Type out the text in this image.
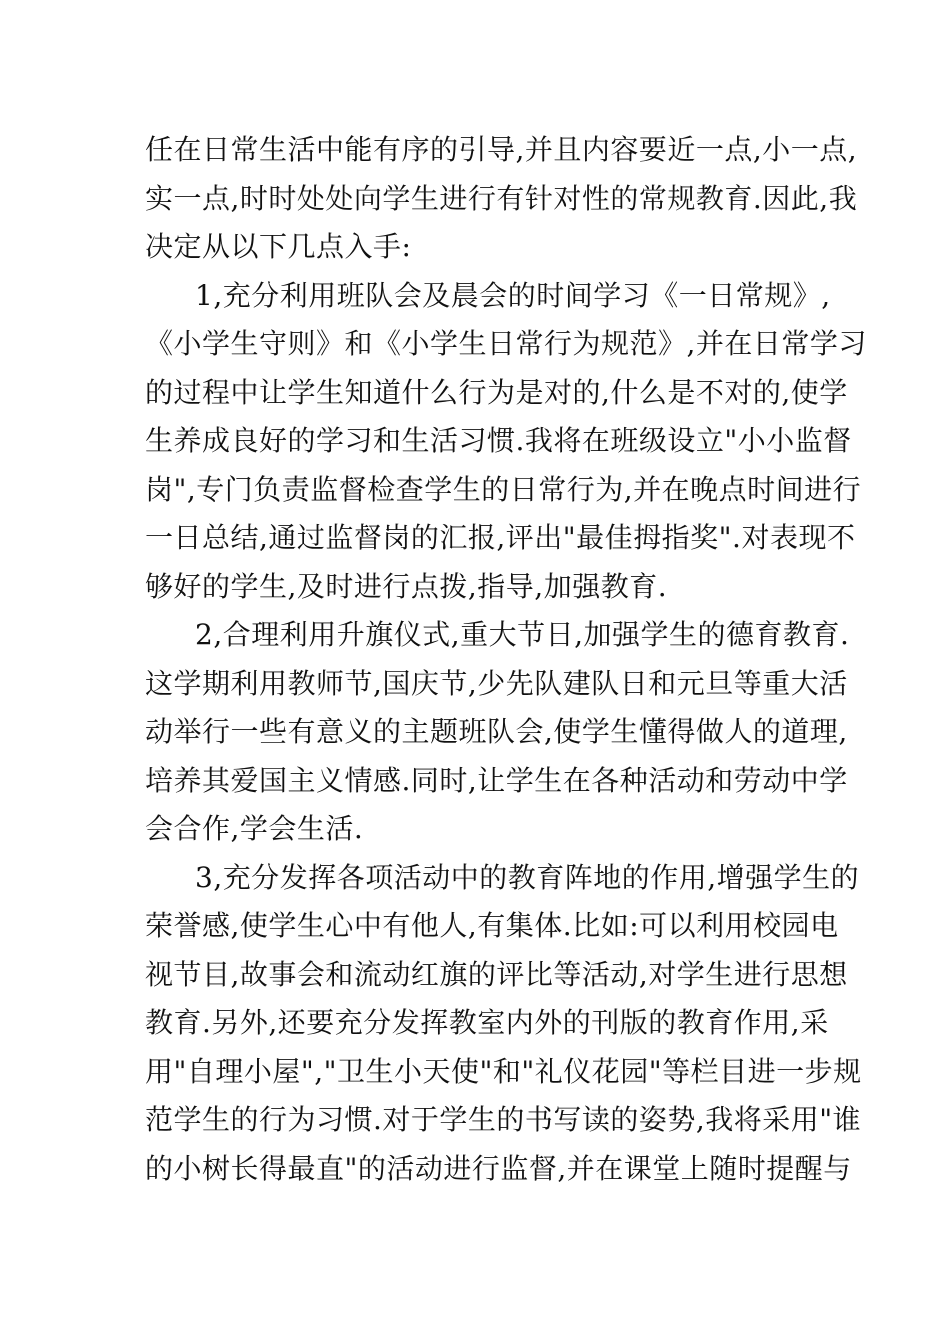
任在日常生活中能有序的引导,并且内容要近一点,小一点,
实一点,时时处处向学生进行有针对性的常规教育.因此,我
决定从以下几点入手:
1,充分利用班队会及晨会的时间学习《一日常规》,
《小学生守则》和《小学生日常行为规范》,并在日常学习
的过程中让学生知道什么行为是对的,什么是不对的,使学
生养成良好的学习和生活习惯.我将在班级设立"小小监督
岗",专门负责监督检查学生的日常行为,并在晚点时间进行
一日总结,通过监督岗的汇报,评出"最佳拇指奖".对表现不
够好的学生,及时进行点拨,指导,加强教育.
2,合理利用升旗仪式,重大节日,加强学生的德育教育.
这学期利用教师节,国庆节,少先队建队日和元旦等重大活
动举行一些有意义的主题班队会,使学生懂得做人的道理,
培养其爱国主义情感.同时,让学生在各种活动和劳动中学
会合作,学会生活.
3,充分发挥各项活动中的教育阵地的作用,增强学生的
荣誉感,使学生心中有他人,有集体.比如:可以利用校园电
视节目,故事会和流动红旗的评比等活动,对学生进行思想
教育.另外,还要充分发挥教室内外的刊版的教育作用,采
用"自理小屋","卫生小天使"和"礼仪花园"等栏目进一步规
范学生的行为习惯.对于学生的书写读的姿势,我将采用"谁
的小树长得最直"的活动进行监督,并在课堂上随时提醒与
